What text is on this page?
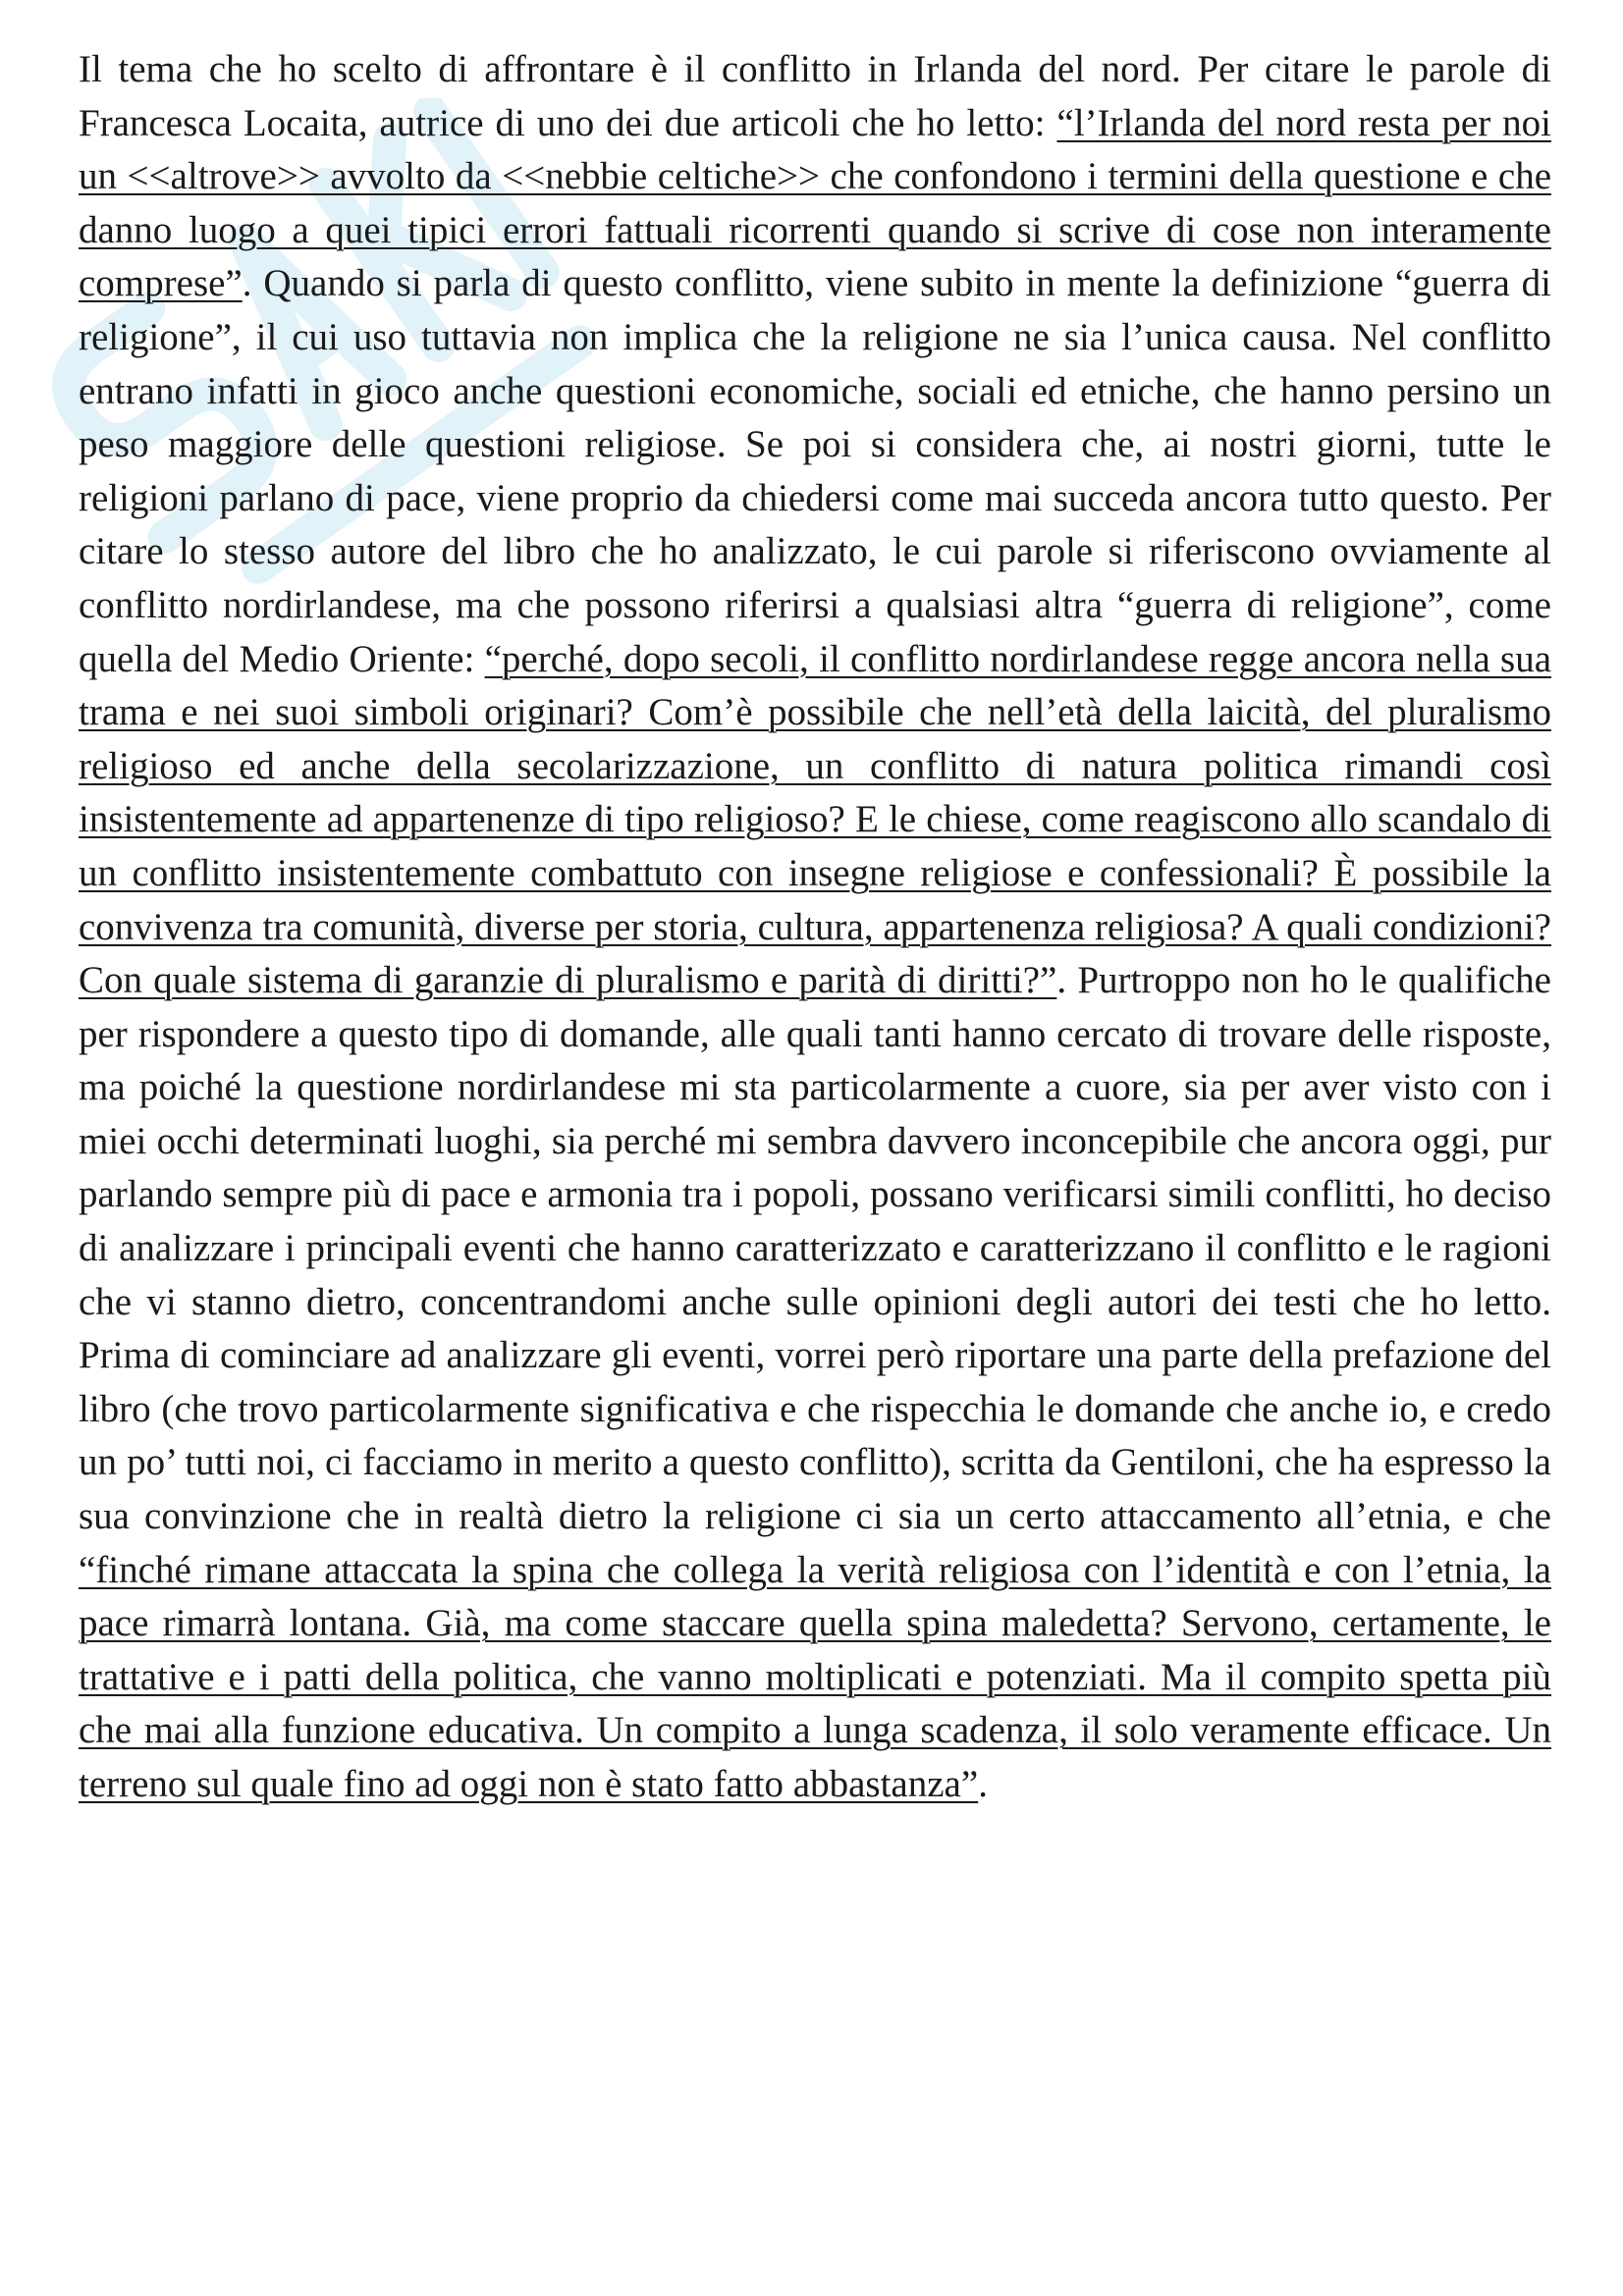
Il tema che ho scelto di affrontare è il conflitto in Irlanda del nord. Per citare le parole di Francesca Locaita, autrice di uno dei due articoli che ho letto: “l’Irlanda del nord resta per noi un <<altrove>> avvolto da <<nebbie celtiche>> che confondono i termini della questione e che danno luogo a quei tipici errori fattuali ricorrenti quando si scrive di cose non interamente comprese”. Quando si parla di questo conflitto, viene subito in mente la definizione “guerra di religione”, il cui uso tuttavia non implica che la religione ne sia l’unica causa. Nel conflitto entrano infatti in gioco anche questioni economiche, sociali ed etniche, che hanno persino un peso maggiore delle questioni religiose. Se poi si considera che, ai nostri giorni, tutte le religioni parlano di pace, viene proprio da chiedersi come mai succeda ancora tutto questo. Per citare lo stesso autore del libro che ho analizzato, le cui parole si riferiscono ovviamente al conflitto nordirlandese, ma che possono riferirsi a qualsiasi altra “guerra di religione”, come quella del Medio Oriente: “perché, dopo secoli, il conflitto nordirlandese regge ancora nella sua trama e nei suoi simboli originari? Com’è possibile che nell’età della laicità, del pluralismo religioso ed anche della secolarizzazione, un conflitto di natura politica rimandi così insistentemente ad appartenenze di tipo religioso? E le chiese, come reagiscono allo scandalo di un conflitto insistentemente combattuto con insegne religiose e confessionali? È possibile la convivenza tra comunità, diverse per storia, cultura, appartenenza religiosa? A quali condizioni? Con quale sistema di garanzie di pluralismo e parità di diritti?”. Purtroppo non ho le qualifiche per rispondere a questo tipo di domande, alle quali tanti hanno cercato di trovare delle risposte, ma poiché la questione nordirlandese mi sta particolarmente a cuore, sia per aver visto con i miei occhi determinati luoghi, sia perché mi sembra davvero inconcepibile che ancora oggi, pur parlando sempre più di pace e armonia tra i popoli, possano verificarsi simili conflitti, ho deciso di analizzare i principali eventi che hanno caratterizzato e caratterizzano il conflitto e le ragioni che vi stanno dietro, concentrandomi anche sulle opinioni degli autori dei testi che ho letto. Prima di cominciare ad analizzare gli eventi, vorrei però riportare una parte della prefazione del libro (che trovo particolarmente significativa e che rispecchia le domande che anche io, e credo un po’ tutti noi, ci facciamo in merito a questo conflitto), scritta da Gentiloni, che ha espresso la sua convinzione che in realtà dietro la religione ci sia un certo attaccamento all’etnia, e che “finché rimane attaccata la spina che collega la verità religiosa con l’identità e con l’etnia, la pace rimarrà lontana. Già, ma come staccare quella spina maledetta? Servono, certamente, le trattative e i patti della politica, che vanno moltiplicati e potenziati. Ma il compito spetta più che mai alla funzione educativa. Un compito a lunga scadenza, il solo veramente efficace. Un terreno sul quale fino ad oggi non è stato fatto abbastanza”.
